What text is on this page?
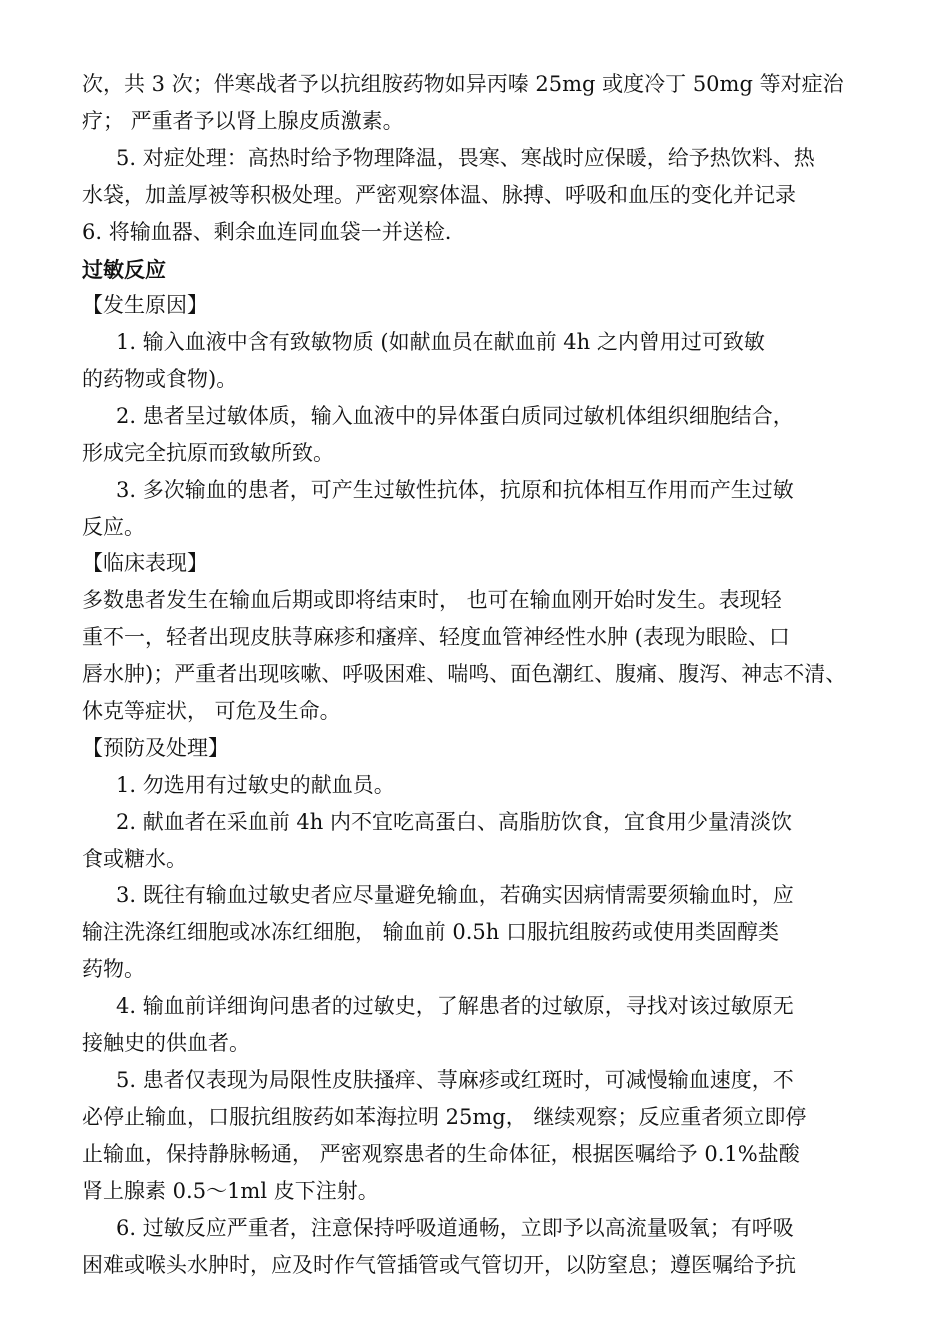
次，共 3 次；伴寒战者予以抗组胺药物如异丙嗪 25mg 或度冷丁 50mg 等对症治
疗； 严重者予以肾上腺皮质激素。
5. 对症处理：高热时给予物理降温，畏寒、寒战时应保暖，给予热饮料、热
水袋，加盖厚被等积极处理。严密观察体温、脉搏、呼吸和血压的变化并记录
6. 将输血器、剩余血连同血袋一并送检.
过敏反应
【发生原因】
1. 输入血液中含有致敏物质 (如献血员在献血前 4h 之内曾用过可致敏
的药物或食物)。
2. 患者呈过敏体质，输入血液中的异体蛋白质同过敏机体组织细胞结合，
形成完全抗原而致敏所致。
3. 多次输血的患者，可产生过敏性抗体，抗原和抗体相互作用而产生过敏
反应。
【临床表现】
多数患者发生在输血后期或即将结束时， 也可在输血刚开始时发生。表现轻
重不一，轻者出现皮肤荨麻疹和瘙痒、轻度血管神经性水肿 (表现为眼睑、口
唇水肿)；严重者出现咳嗽、呼吸困难、喘鸣、面色潮红、腹痛、腹泻、神志不清、
休克等症状， 可危及生命。
【预防及处理】
1. 勿选用有过敏史的献血员。
2. 献血者在采血前 4h 内不宜吃高蛋白、高脂肪饮食，宜食用少量清淡饮
食或糖水。
3. 既往有输血过敏史者应尽量避免输血，若确实因病情需要须输血时，应
输注洗涤红细胞或冰冻红细胞， 输血前 0.5h 口服抗组胺药或使用类固醇类
药物。
4. 输血前详细询问患者的过敏史，了解患者的过敏原，寻找对该过敏原无
接触史的供血者。
5. 患者仅表现为局限性皮肤搔痒、荨麻疹或红斑时，可减慢输血速度，不
必停止输血，口服抗组胺药如苯海拉明 25mg， 继续观察；反应重者须立即停
止输血，保持静脉畅通， 严密观察患者的生命体征，根据医嘱给予 0.1%盐酸
肾上腺素 0.5～1ml 皮下注射。
6. 过敏反应严重者，注意保持呼吸道通畅，立即予以高流量吸氧；有呼吸
困难或喉头水肿时，应及时作气管插管或气管切开，以防窒息；遵医嘱给予抗
